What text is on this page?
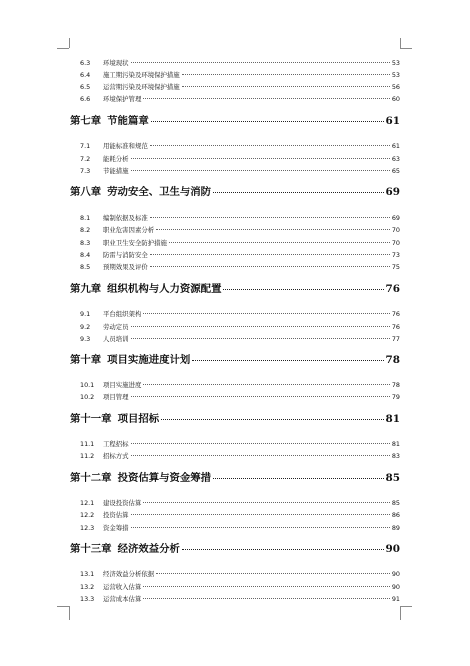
6.3	环境现状	53
6.4	施工期污染及环境保护措施	53
6.5	运营期污染及环境保护措施	56
6.6	环境保护管理	60
第七章 节能篇章	61
7.1	用能标准和规范	61
7.2	能耗分析	63
7.3	节能措施	65
第八章 劳动安全、卫生与消防	69
8.1	编制依据及标准	69
8.2	职业危害因素分析	70
8.3	职业卫生安全防护措施	70
8.4	防雷与消防安全	73
8.5	预期效果及评价	75
第九章 组织机构与人力资源配置	76
9.1	平台组织架构	76
9.2	劳动定员	76
9.3	人员培训	77
第十章 项目实施进度计划	78
10.1	项目实施进度	78
10.2	项目管理	79
第十一章 项目招标	81
11.1	工程招标	81
11.2	招标方式	83
第十二章 投资估算与资金筹措	85
12.1	建设投资估算	85
12.2	投资估算	86
12.3	资金筹措	89
第十三章 经济效益分析	90
13.1	经济效益分析依据	90
13.2	运营收入估算	90
13.3	运营成本估算	91
